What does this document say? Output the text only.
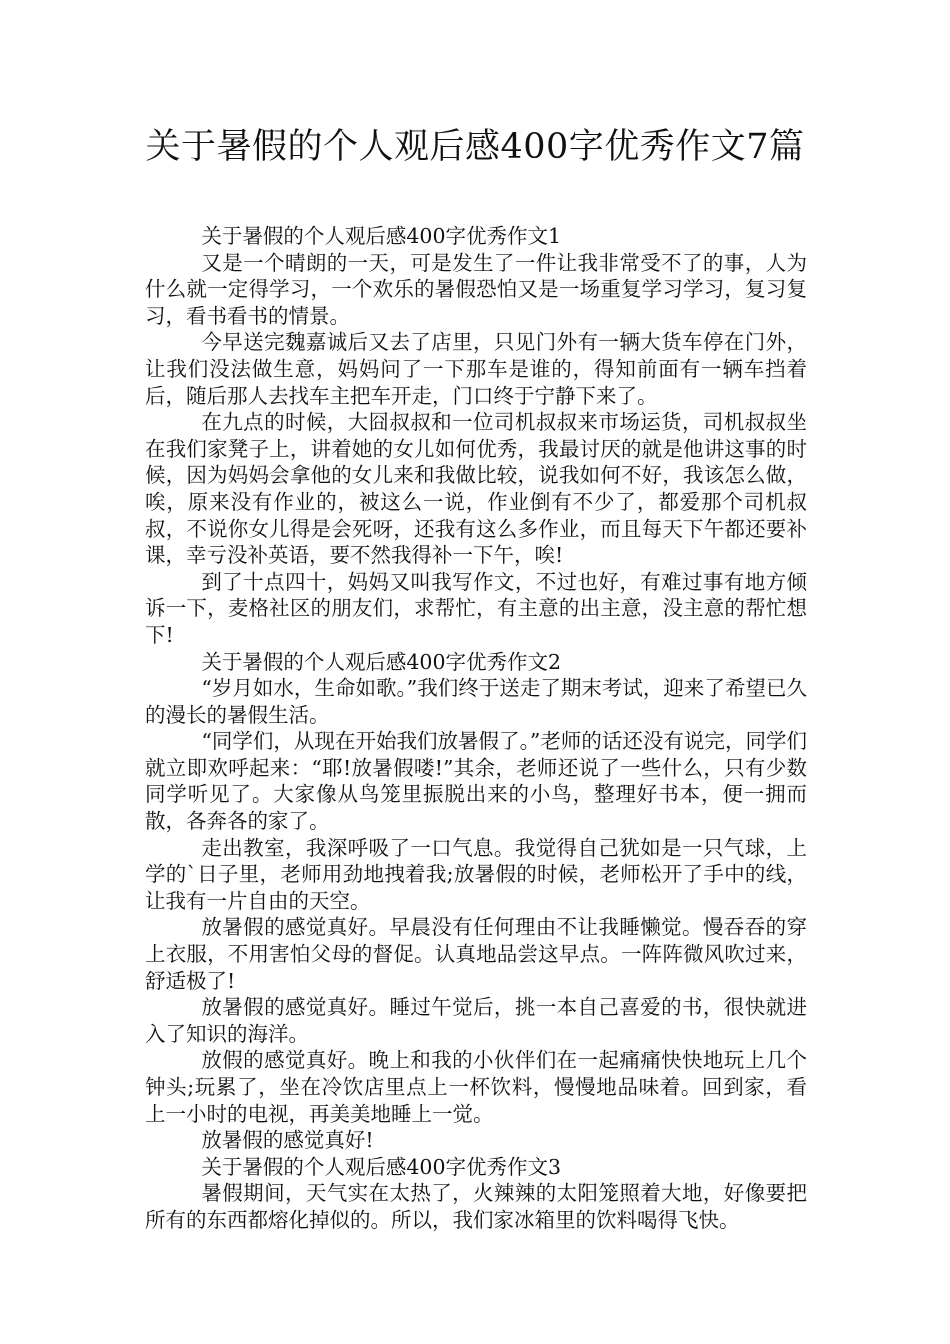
关于暑假的个人观后感400字优秀作文7篇

关于暑假的个人观后感400字优秀作文1

又是一个晴朗的一天，可是发生了一件让我非常受不了的事，人为什么就一定得学习，一个欢乐的暑假恐怕又是一场重复学习学习，复习复习，看书看书的情景。

今早送完魏嘉诚后又去了店里，只见门外有一辆大货车停在门外，让我们没法做生意，妈妈问了一下那车是谁的，得知前面有一辆车挡着后，随后那人去找车主把车开走，门口终于宁静下来了。

在九点的时候，大囧叔叔和一位司机叔叔来市场运货，司机叔叔坐在我们家凳子上，讲着她的女儿如何优秀，我最讨厌的就是他讲这事的时候，因为妈妈会拿他的女儿来和我做比较，说我如何不好，我该怎么做，唉，原来没有作业的，被这么一说，作业倒有不少了，都爱那个司机叔叔，不说你女儿得是会死呀，还我有这么多作业，而且每天下午都还要补课，幸亏没补英语，要不然我得补一下午，唉!

到了十点四十，妈妈又叫我写作文，不过也好，有难过事有地方倾诉一下，麦格社区的朋友们，求帮忙，有主意的出主意，没主意的帮忙想下!

关于暑假的个人观后感400字优秀作文2

“岁月如水，生命如歌。”我们终于送走了期末考试，迎来了希望已久的漫长的暑假生活。

“同学们，从现在开始我们放暑假了。”老师的话还没有说完，同学们就立即欢呼起来：“耶!放暑假喽!”其余，老师还说了一些什么，只有少数同学听见了。大家像从鸟笼里振脱出来的小鸟，整理好书本，便一拥而散，各奔各的家了。

走出教室，我深呼吸了一口气息。我觉得自己犹如是一只气球，上学的`日子里，老师用劲地拽着我;放暑假的时候，老师松开了手中的线，让我有一片自由的天空。

放暑假的感觉真好。早晨没有任何理由不让我睡懒觉。慢吞吞的穿上衣服，不用害怕父母的督促。认真地品尝这早点。一阵阵微风吹过来，舒适极了!

放暑假的感觉真好。睡过午觉后，挑一本自己喜爱的书，很快就进入了知识的海洋。

放假的感觉真好。晚上和我的小伙伴们在一起痛痛快快地玩上几个钟头;玩累了，坐在冷饮店里点上一杯饮料，慢慢地品味着。回到家，看上一小时的电视，再美美地睡上一觉。

放暑假的感觉真好!

关于暑假的个人观后感400字优秀作文3

暑假期间，天气实在太热了，火辣辣的太阳笼照着大地，好像要把所有的东西都熔化掉似的。所以，我们家冰箱里的饮料喝得飞快。
